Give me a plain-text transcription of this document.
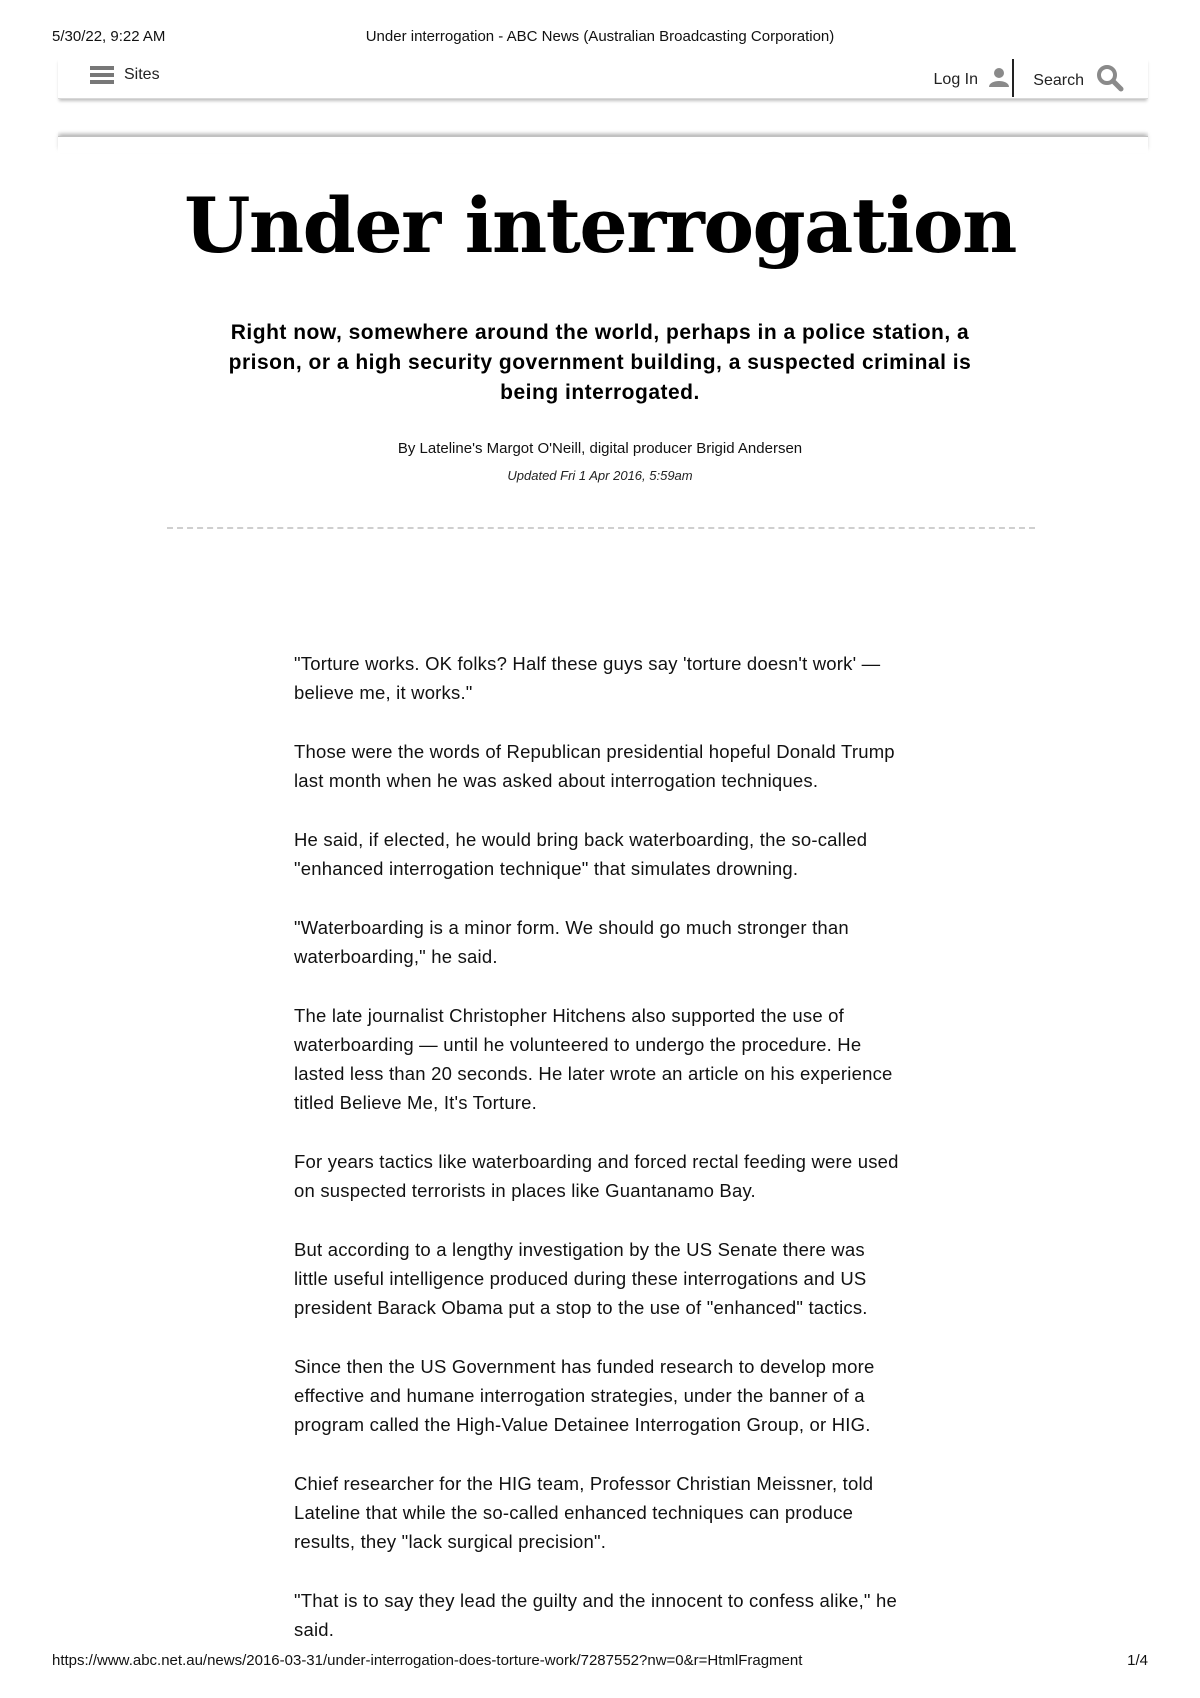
5/30/22, 9:22 AM	Under interrogation - ABC News (Australian Broadcasting Corporation)
Sites	Log In	Search
Under interrogation

Right now, somewhere around the world, perhaps in a police station, a prison, or a high security government building, a suspected criminal is being interrogated.

By Lateline's Margot O'Neill, digital producer Brigid Andersen
Updated Fri 1 Apr 2016, 5:59am

"Torture works. OK folks? Half these guys say 'torture doesn't work' — believe me, it works."

Those were the words of Republican presidential hopeful Donald Trump last month when he was asked about interrogation techniques.

He said, if elected, he would bring back waterboarding, the so-called "enhanced interrogation technique" that simulates drowning.

"Waterboarding is a minor form. We should go much stronger than waterboarding," he said.

The late journalist Christopher Hitchens also supported the use of waterboarding — until he volunteered to undergo the procedure. He lasted less than 20 seconds. He later wrote an article on his experience titled Believe Me, It's Torture.

For years tactics like waterboarding and forced rectal feeding were used on suspected terrorists in places like Guantanamo Bay.

But according to a lengthy investigation by the US Senate there was little useful intelligence produced during these interrogations and US president Barack Obama put a stop to the use of "enhanced" tactics.

Since then the US Government has funded research to develop more effective and humane interrogation strategies, under the banner of a program called the High-Value Detainee Interrogation Group, or HIG.

Chief researcher for the HIG team, Professor Christian Meissner, told Lateline that while the so-called enhanced techniques can produce results, they "lack surgical precision".

"That is to say they lead the guilty and the innocent to confess alike," he said.

https://www.abc.net.au/news/2016-03-31/under-interrogation-does-torture-work/7287552?nw=0&r=HtmlFragment	1/4
